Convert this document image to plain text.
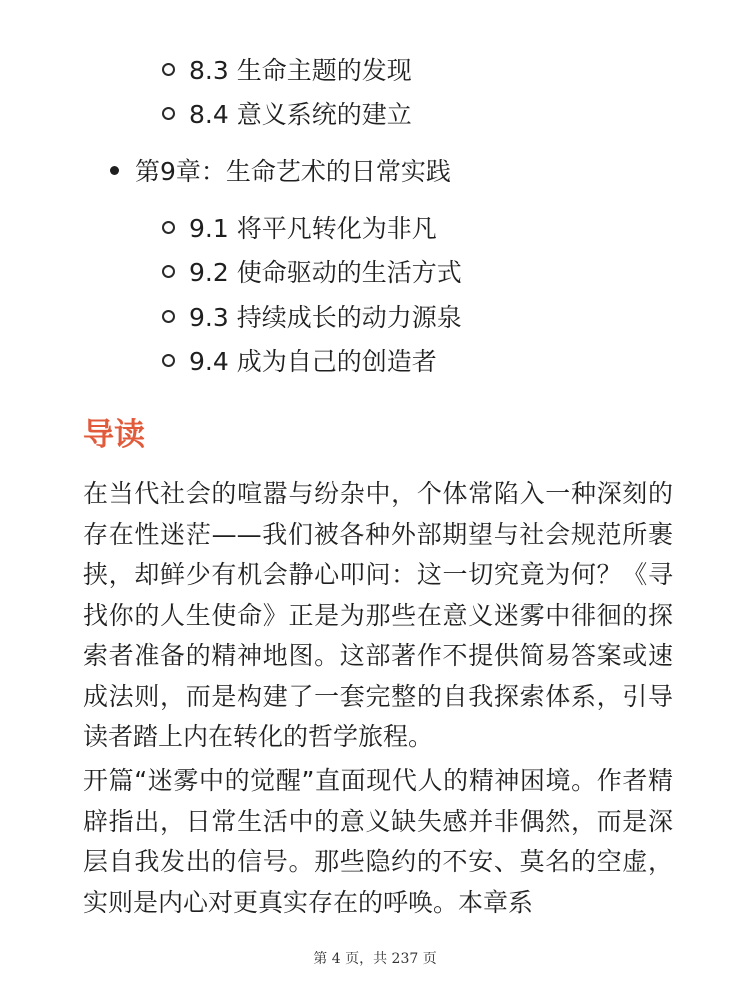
8.3 生命主题的发现
8.4 意义系统的建立
第9章：生命艺术的日常实践
9.1 将平凡转化为非凡
9.2 使命驱动的生活方式
9.3 持续成长的动力源泉
9.4 成为自己的创造者
导读

在当代社会的喧嚣与纷杂中，个体常陷入一种深刻的存在性迷茫——我们被各种外部期望与社会规范所裹挟，却鲜少有机会静心叩问：这一切究竟为何？《寻找你的人生使命》正是为那些在意义迷雾中徘徊的探索者准备的精神地图。这部著作不提供简易答案或速成法则，而是构建了一套完整的自我探索体系，引导读者踏上内在转化的哲学旅程。

开篇“迷雾中的觉醒”直面现代人的精神困境。作者精辟指出，日常生活中的意义缺失感并非偶然，而是深层自我发出的信号。那些隐约的不安、莫名的空虚，实则是内心对更真实存在的呼唤。本章系

第 4 页，共 237 页
